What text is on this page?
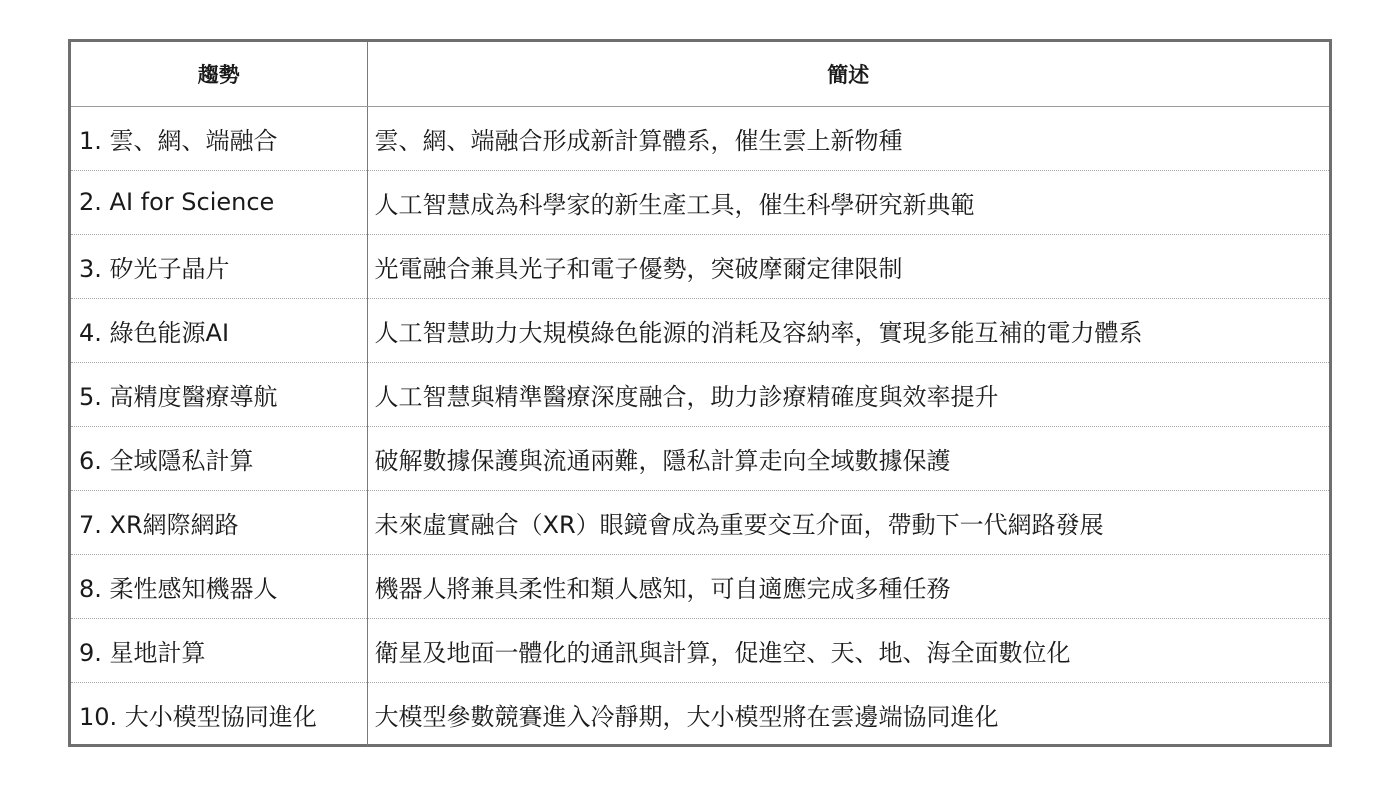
趨勢	簡述
1. 雲、網、端融合	雲、網、端融合形成新計算體系，催生雲上新物種
2. AI for Science	人工智慧成為科學家的新生產工具，催生科學研究新典範
3. 矽光子晶片	光電融合兼具光子和電子優勢，突破摩爾定律限制
4. 綠色能源AI	人工智慧助力大規模綠色能源的消耗及容納率，實現多能互補的電力體系
5. 高精度醫療導航	人工智慧與精準醫療深度融合，助力診療精確度與效率提升
6. 全域隱私計算	破解數據保護與流通兩難，隱私計算走向全域數據保護
7. XR網際網路	未來虛實融合（XR）眼鏡會成為重要交互介面，帶動下一代網路發展
8. 柔性感知機器人	機器人將兼具柔性和類人感知，可自適應完成多種任務
9. 星地計算	衛星及地面一體化的通訊與計算，促進空、天、地、海全面數位化
10. 大小模型協同進化	大模型參數競賽進入冷靜期，大小模型將在雲邊端協同進化
